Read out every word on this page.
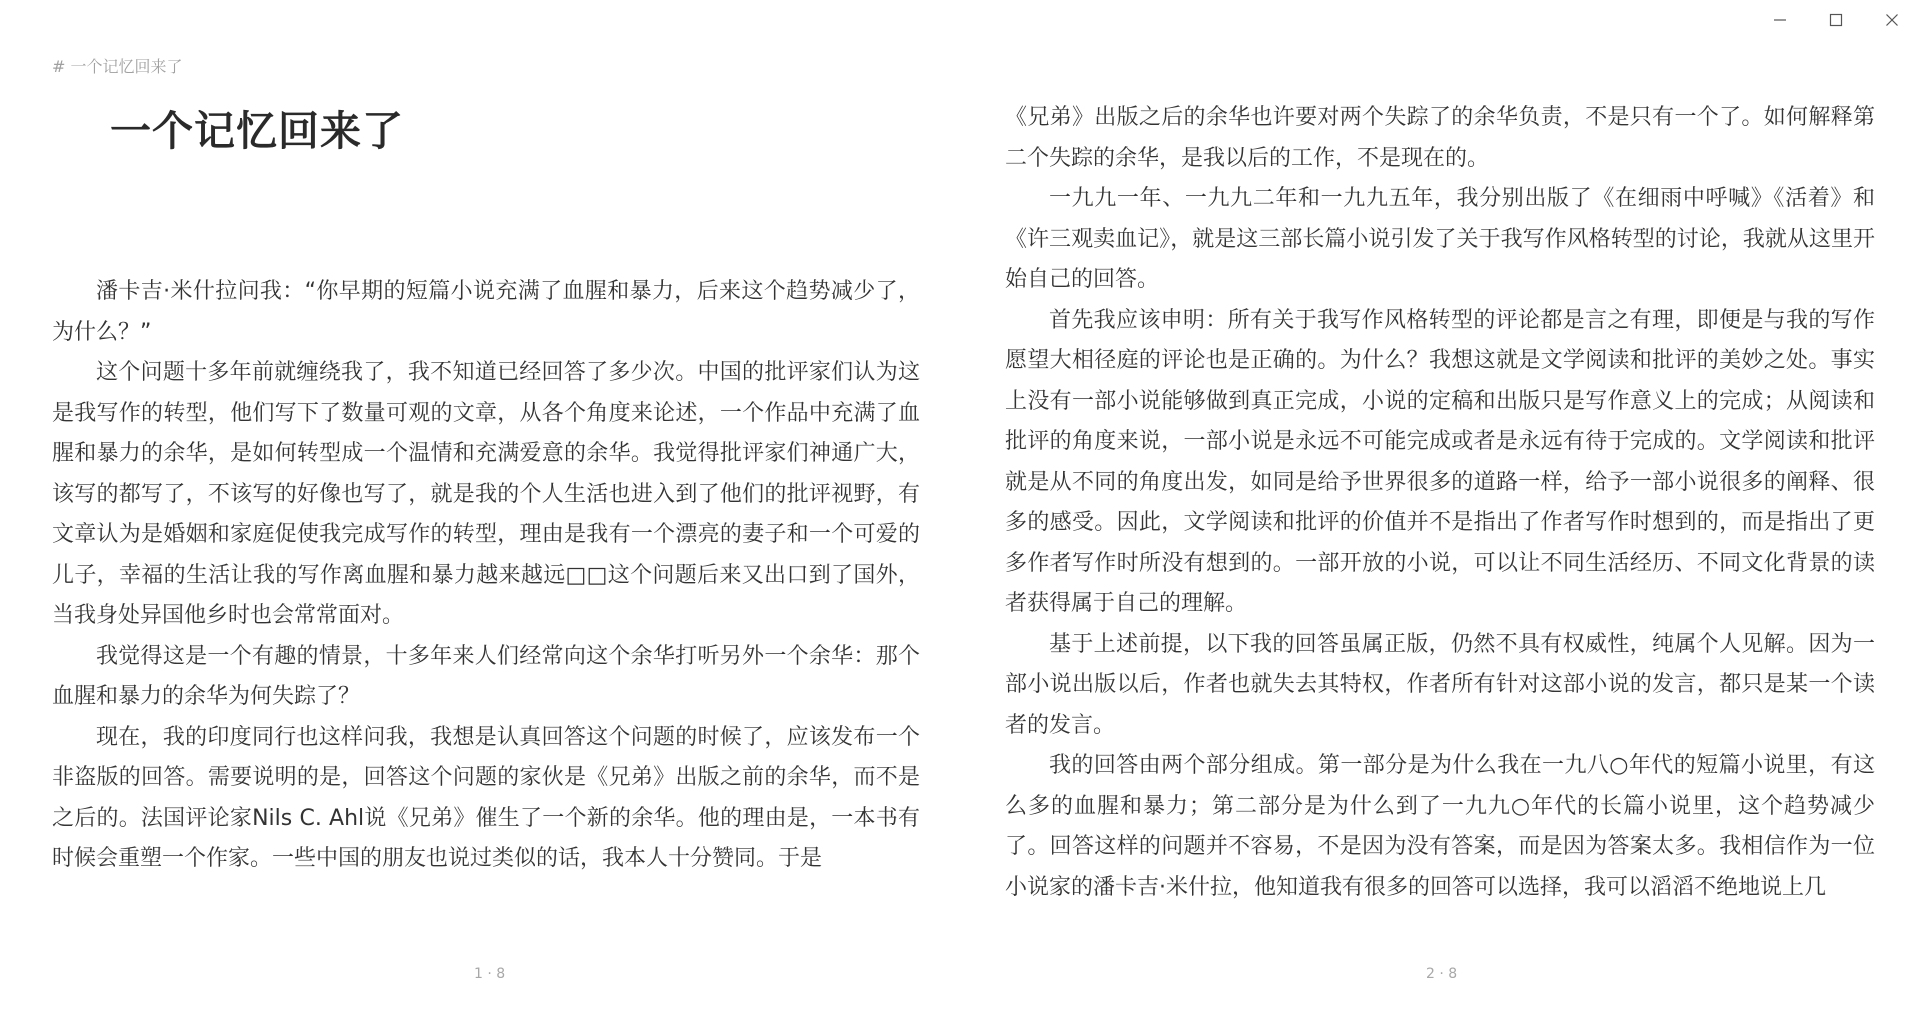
# 一个记忆回来了
一个记忆回来了

潘卡吉·米什拉问我：“你早期的短篇小说充满了血腥和暴力，后来这个趋势减少了，为什么？”

这个问题十多年前就缠绕我了，我不知道已经回答了多少次。中国的批评家们认为这是我写作的转型，他们写下了数量可观的文章，从各个角度来论述，一个作品中充满了血腥和暴力的余华，是如何转型成一个温情和充满爱意的余华。我觉得批评家们神通广大，该写的都写了，不该写的好像也写了，就是我的个人生活也进入到了他们的批评视野，有文章认为是婚姻和家庭促使我完成写作的转型，理由是我有一个漂亮的妻子和一个可爱的儿子，幸福的生活让我的写作离血腥和暴力越来越远□□这个问题后来又出口到了国外，当我身处异国他乡时也会常常面对。

我觉得这是一个有趣的情景，十多年来人们经常向这个余华打听另外一个余华：那个血腥和暴力的余华为何失踪了？

现在，我的印度同行也这样问我，我想是认真回答这个问题的时候了，应该发布一个非盗版的回答。需要说明的是，回答这个问题的家伙是《兄弟》出版之前的余华，而不是之后的。法国评论家Nils C. Ahl说《兄弟》催生了一个新的余华。他的理由是，一本书有时候会重塑一个作家。一些中国的朋友也说过类似的话，我本人十分赞同。于是

《兄弟》出版之后的余华也许要对两个失踪了的余华负责，不是只有一个了。如何解释第二个失踪的余华，是我以后的工作，不是现在的。

一九九一年、一九九二年和一九九五年，我分别出版了《在细雨中呼喊》《活着》和《许三观卖血记》，就是这三部长篇小说引发了关于我写作风格转型的讨论，我就从这里开始自己的回答。

首先我应该申明：所有关于我写作风格转型的评论都是言之有理，即便是与我的写作愿望大相径庭的评论也是正确的。为什么？我想这就是文学阅读和批评的美妙之处。事实上没有一部小说能够做到真正完成，小说的定稿和出版只是写作意义上的完成；从阅读和批评的角度来说，一部小说是永远不可能完成或者是永远有待于完成的。文学阅读和批评就是从不同的角度出发，如同是给予世界很多的道路一样，给予一部小说很多的阐释、很多的感受。因此，文学阅读和批评的价值并不是指出了作者写作时想到的，而是指出了更多作者写作时所没有想到的。一部开放的小说，可以让不同生活经历、不同文化背景的读者获得属于自己的理解。

基于上述前提，以下我的回答虽属正版，仍然不具有权威性，纯属个人见解。因为一部小说出版以后，作者也就失去其特权，作者所有针对这部小说的发言，都只是某一个读者的发言。

我的回答由两个部分组成。第一部分是为什么我在一九八○年代的短篇小说里，有这么多的血腥和暴力；第二部分是为什么到了一九九○年代的长篇小说里，这个趋势减少了。回答这样的问题并不容易，不是因为没有答案，而是因为答案太多。我相信作为一位小说家的潘卡吉·米什拉，他知道我有很多的回答可以选择，我可以滔滔不绝地说上几

1 · 8	2 · 8
